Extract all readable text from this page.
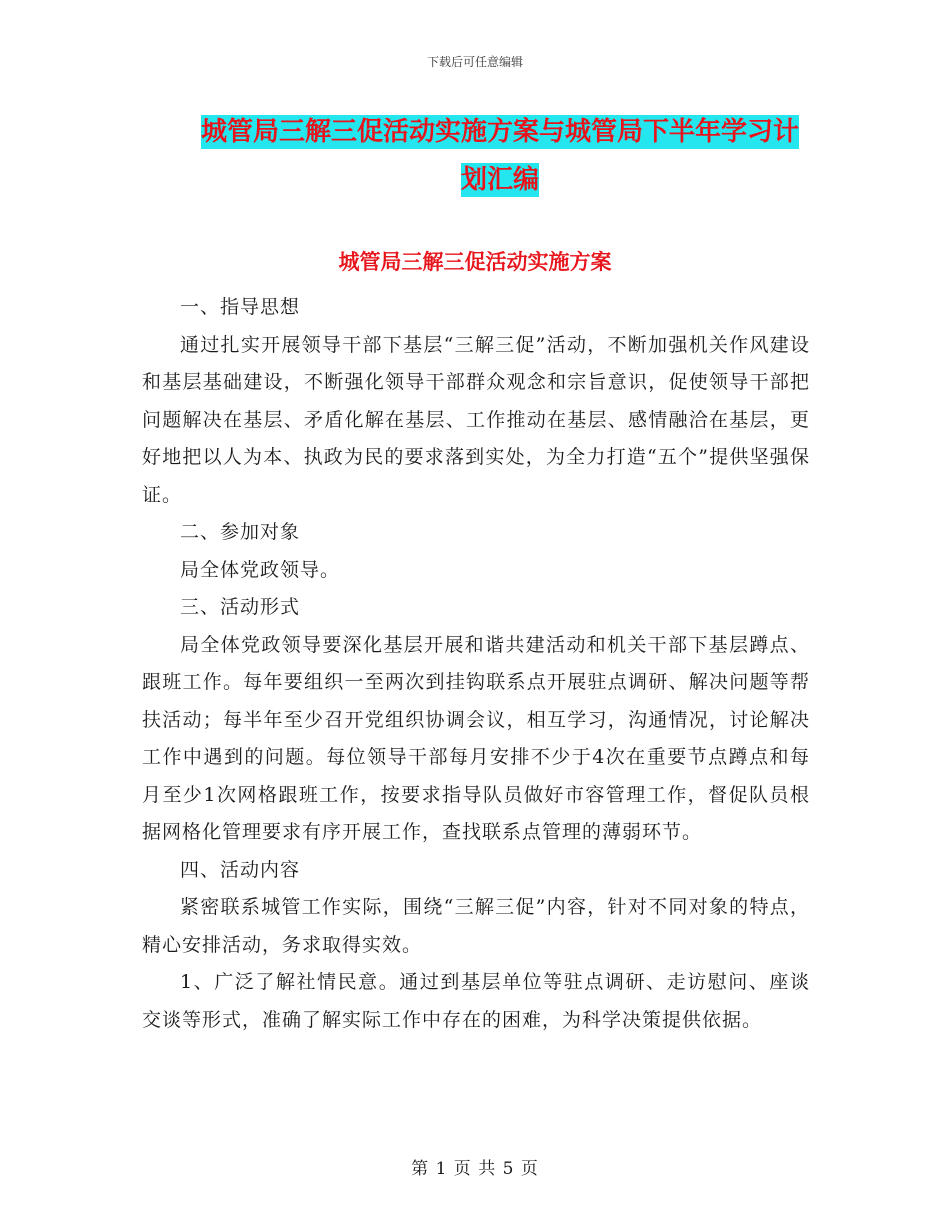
下载后可任意编辑
城管局三解三促活动实施方案与城管局下半年学习计
划汇编
城管局三解三促活动实施方案

一、指导思想

通过扎实开展领导干部下基层“三解三促”活动，不断加强机关作风建设和基层基础建设，不断强化领导干部群众观念和宗旨意识，促使领导干部把问题解决在基层、矛盾化解在基层、工作推动在基层、感情融洽在基层，更好地把以人为本、执政为民的要求落到实处，为全力打造“五个”提供坚强保证。

二、参加对象

局全体党政领导。

三、活动形式

局全体党政领导要深化基层开展和谐共建活动和机关干部下基层蹲点、跟班工作。每年要组织一至两次到挂钩联系点开展驻点调研、解决问题等帮扶活动；每半年至少召开党组织协调会议，相互学习，沟通情况，讨论解决工作中遇到的问题。每位领导干部每月安排不少于4次在重要节点蹲点和每月至少1次网格跟班工作，按要求指导队员做好市容管理工作，督促队员根据网格化管理要求有序开展工作，查找联系点管理的薄弱环节。

四、活动内容

紧密联系城管工作实际，围绕“三解三促”内容，针对不同对象的特点，精心安排活动，务求取得实效。

1、广泛了解社情民意。通过到基层单位等驻点调研、走访慰问、座谈交谈等形式，准确了解实际工作中存在的困难，为科学决策提供依据。

第 1 页 共 5 页
